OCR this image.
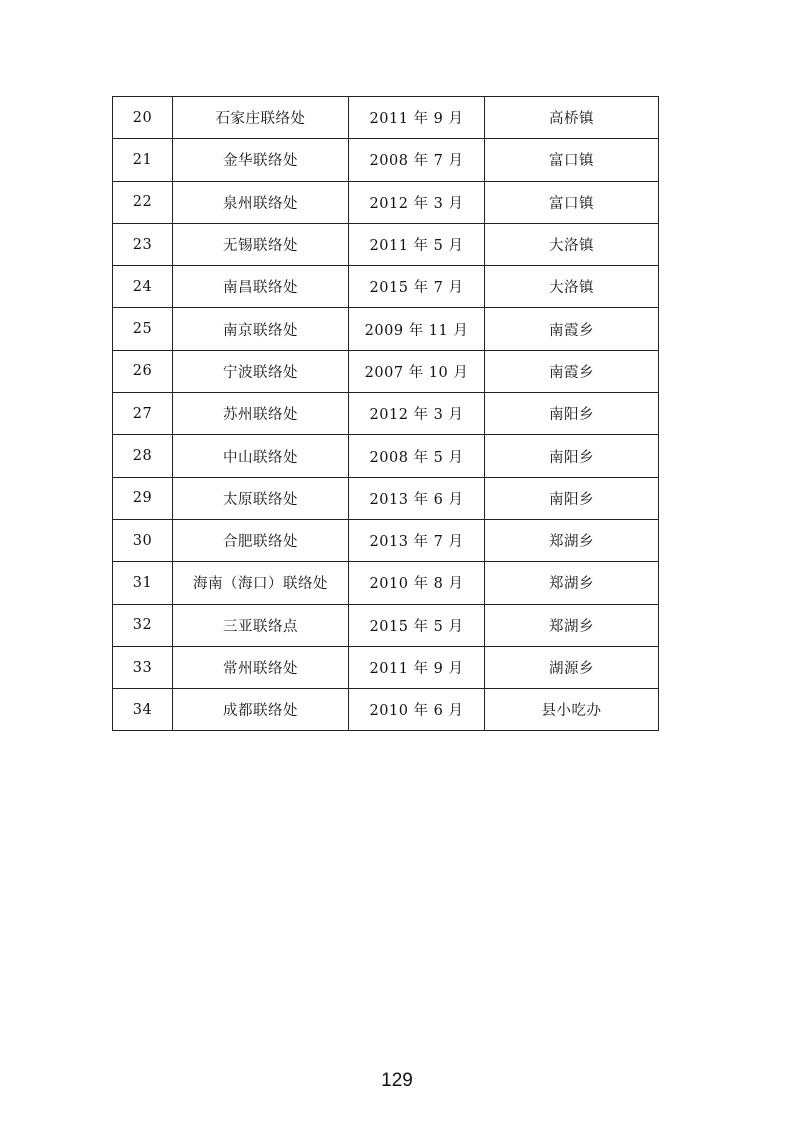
20	石家庄联络处	2011 年 9 月	高桥镇
21	金华联络处	2008 年 7 月	富口镇
22	泉州联络处	2012 年 3 月	富口镇
23	无锡联络处	2011 年 5 月	大洛镇
24	南昌联络处	2015 年 7 月	大洛镇
25	南京联络处	2009 年 11 月	南霞乡
26	宁波联络处	2007 年 10 月	南霞乡
27	苏州联络处	2012 年 3 月	南阳乡
28	中山联络处	2008 年 5 月	南阳乡
29	太原联络处	2013 年 6 月	南阳乡
30	合肥联络处	2013 年 7 月	郑湖乡
31	海南（海口）联络处	2010 年 8 月	郑湖乡
32	三亚联络点	2015 年 5 月	郑湖乡
33	常州联络处	2011 年 9 月	湖源乡
34	成都联络处	2010 年 6 月	县小吃办
129
